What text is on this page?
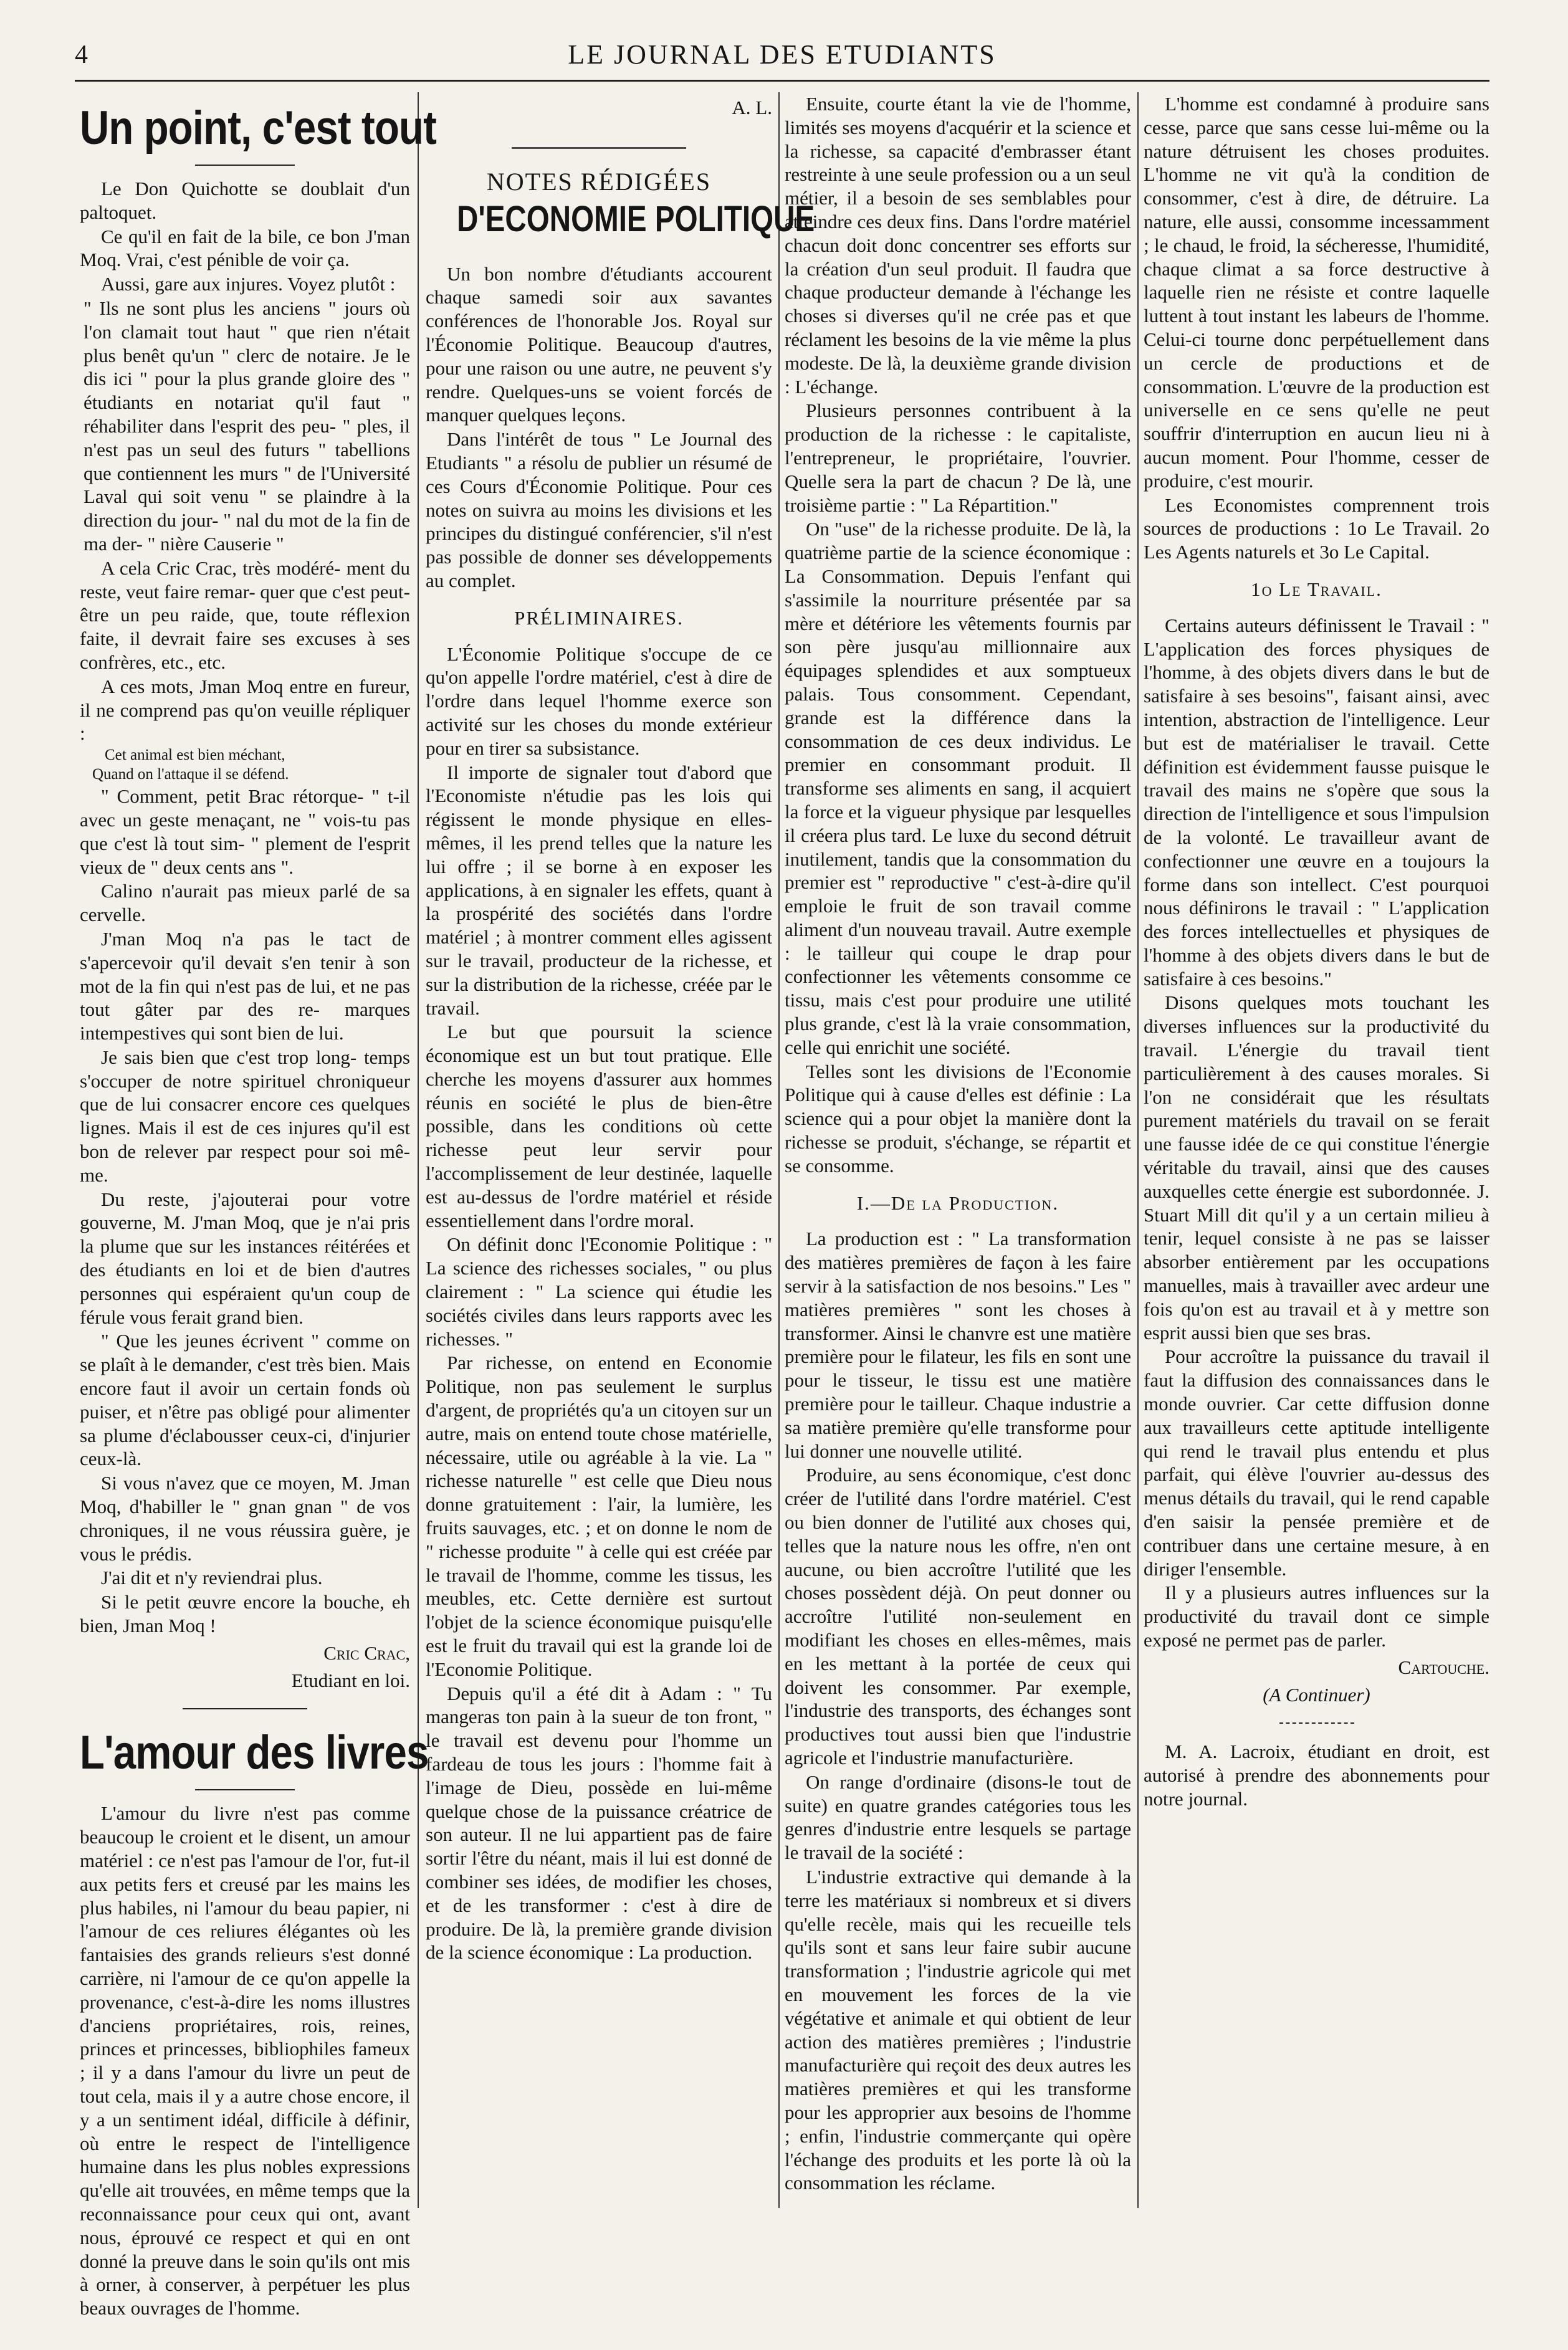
4	LE JOURNAL DES ETUDIANTS
Un point, c'est tout

Le Don Quichotte se doublait d'un paltoquet.

Ce qu'il en fait de la bile, ce bon J'man Moq. Vrai, c'est pénible de voir ça.

Aussi, gare aux injures. Voyez plutôt :

" Ils ne sont plus les anciens " jours où l'on clamait tout haut " que rien n'était plus benêt qu'un " clerc de notaire. Je le dis ici " pour la plus grande gloire des " étudiants en notariat qu'il faut " réhabiliter dans l'esprit des peu- " ples, il n'est pas un seul des futurs " tabellions que contiennent les murs " de l'Université Laval qui soit venu " se plaindre à la direction du jour- " nal du mot de la fin de ma der- " nière Causerie "

A cela Cric Crac, très modéré- ment du reste, veut faire remar- quer que c'est peut-être un peu raide, que, toute réflexion faite, il devrait faire ses excuses à ses confrères, etc., etc.

A ces mots, Jman Moq entre en fureur, il ne comprend pas qu'on veuille répliquer :

Cet animal est bien méchant,

Quand on l'attaque il se défend.

" Comment, petit Brac rétorque- " t-il avec un geste menaçant, ne " vois-tu pas que c'est là tout sim- " plement de l'esprit vieux de " deux cents ans ".

Calino n'aurait pas mieux parlé de sa cervelle.

J'man Moq n'a pas le tact de s'apercevoir qu'il devait s'en tenir à son mot de la fin qui n'est pas de lui, et ne pas tout gâter par des re- marques intempestives qui sont bien de lui.

Je sais bien que c'est trop long- temps s'occuper de notre spirituel chroniqueur que de lui consacrer encore ces quelques lignes. Mais il est de ces injures qu'il est bon de relever par respect pour soi mê- me.

Du reste, j'ajouterai pour votre gouverne, M. J'man Moq, que je n'ai pris la plume que sur les instances réitérées et des étudiants en loi et de bien d'autres personnes qui espéraient qu'un coup de férule vous ferait grand bien.

" Que les jeunes écrivent " comme on se plaît à le demander, c'est très bien. Mais encore faut il avoir un certain fonds où puiser, et n'être pas obligé pour alimenter sa plume d'éclabousser ceux-ci, d'injurier ceux-là.

Si vous n'avez que ce moyen, M. Jman Moq, d'habiller le " gnan gnan " de vos chroniques, il ne vous réussira guère, je vous le prédis.

J'ai dit et n'y reviendrai plus.

Si le petit œuvre encore la bouche, eh bien, Jman Moq !

Cric Crac,

Etudiant en loi.

L'amour des livres

L'amour du livre n'est pas comme beaucoup le croient et le disent, un amour matériel : ce n'est pas l'amour de l'or, fut-il aux petits fers et creusé par les mains les plus habiles, ni l'amour du beau papier, ni l'amour de ces reliures élégantes où les fantaisies des grands relieurs s'est donné carrière, ni l'amour de ce qu'on appelle la provenance, c'est-à-dire les noms illustres d'anciens propriétaires, rois, reines, princes et princesses, bibliophiles fameux ; il y a dans l'amour du livre un peut de tout cela, mais il y a autre chose encore, il y a un sentiment idéal, difficile à définir, où entre le respect de l'intelligence humaine dans les plus nobles expressions qu'elle ait trouvées, en même temps que la reconnaissance pour ceux qui ont, avant nous, éprouvé ce respect et qui en ont donné la preuve dans le soin qu'ils ont mis à orner, à conserver, à perpétuer les plus beaux ouvrages de l'homme.

A. L.

NOTES RÉDIGÉES
D'ECONOMIE POLITIQUE

Un bon nombre d'étudiants accourent chaque samedi soir aux savantes conférences de l'honorable Jos. Royal sur l'Économie Politique. Beaucoup d'autres, pour une raison ou une autre, ne peuvent s'y rendre. Quelques-uns se voient forcés de manquer quelques leçons.

Dans l'intérêt de tous " Le Journal des Etudiants " a résolu de publier un résumé de ces Cours d'Économie Politique. Pour ces notes on suivra au moins les divisions et les principes du distingué conférencier, s'il n'est pas possible de donner ses développements au complet.

PRÉLIMINAIRES.

L'Économie Politique s'occupe de ce qu'on appelle l'ordre matériel, c'est à dire de l'ordre dans lequel l'homme exerce son activité sur les choses du monde extérieur pour en tirer sa subsistance.

Il importe de signaler tout d'abord que l'Economiste n'étudie pas les lois qui régissent le monde physique en elles-mêmes, il les prend telles que la nature les lui offre ; il se borne à en exposer les applications, à en signaler les effets, quant à la prospérité des sociétés dans l'ordre matériel ; à montrer comment elles agissent sur le travail, producteur de la richesse, et sur la distribution de la richesse, créée par le travail.

Le but que poursuit la science économique est un but tout pratique. Elle cherche les moyens d'assurer aux hommes réunis en société le plus de bien-être possible, dans les conditions où cette richesse peut leur servir pour l'accomplissement de leur destinée, laquelle est au-dessus de l'ordre matériel et réside essentiellement dans l'ordre moral.

On définit donc l'Economie Politique : " La science des richesses sociales, " ou plus clairement : " La science qui étudie les sociétés civiles dans leurs rapports avec les richesses. "

Par richesse, on entend en Economie Politique, non pas seulement le surplus d'argent, de propriétés qu'a un citoyen sur un autre, mais on entend toute chose matérielle, nécessaire, utile ou agréable à la vie. La " richesse naturelle " est celle que Dieu nous donne gratuitement : l'air, la lumière, les fruits sauvages, etc. ; et on donne le nom de " richesse produite " à celle qui est créée par le travail de l'homme, comme les tissus, les meubles, etc. Cette dernière est surtout l'objet de la science économique puisqu'elle est le fruit du travail qui est la grande loi de l'Economie Politique.

Depuis qu'il a été dit à Adam : " Tu mangeras ton pain à la sueur de ton front, " le travail est devenu pour l'homme un fardeau de tous les jours : l'homme fait à l'image de Dieu, possède en lui-même quelque chose de la puissance créatrice de son auteur. Il ne lui appartient pas de faire sortir l'être du néant, mais il lui est donné de combiner ses idées, de modifier les choses, et de les transformer : c'est à dire de produire. De là, la première grande division de la science économique : La production.

Ensuite, courte étant la vie de l'homme, limités ses moyens d'acquérir et la science et la richesse, sa capacité d'embrasser étant restreinte à une seule profession ou a un seul métier, il a besoin de ses semblables pour atteindre ces deux fins. Dans l'ordre matériel chacun doit donc concentrer ses efforts sur la création d'un seul produit. Il faudra que chaque producteur demande à l'échange les choses si diverses qu'il ne crée pas et que réclament les besoins de la vie même la plus modeste. De là, la deuxième grande division : L'échange.

Plusieurs personnes contribuent à la production de la richesse : le capitaliste, l'entrepreneur, le propriétaire, l'ouvrier. Quelle sera la part de chacun ? De là, une troisième partie : " La Répartition."

On "use" de la richesse produite. De là, la quatrième partie de la science économique : La Consommation. Depuis l'enfant qui s'assimile la nourriture présentée par sa mère et détériore les vêtements fournis par son père jusqu'au millionnaire aux équipages splendides et aux somptueux palais. Tous consomment. Cependant, grande est la différence dans la consommation de ces deux individus. Le premier en consommant produit. Il transforme ses aliments en sang, il acquiert la force et la vigueur physique par lesquelles il créera plus tard. Le luxe du second détruit inutilement, tandis que la consommation du premier est " reproductive " c'est-à-dire qu'il emploie le fruit de son travail comme aliment d'un nouveau travail. Autre exemple : le tailleur qui coupe le drap pour confectionner les vêtements consomme ce tissu, mais c'est pour produire une utilité plus grande, c'est là la vraie consommation, celle qui enrichit une société.

Telles sont les divisions de l'Economie Politique qui à cause d'elles est définie : La science qui a pour objet la manière dont la richesse se produit, s'échange, se répartit et se consomme.

I.—De la Production.

La production est : " La transformation des matières premières de façon à les faire servir à la satisfaction de nos besoins." Les " matières premières " sont les choses à transformer. Ainsi le chanvre est une matière première pour le filateur, les fils en sont une pour le tisseur, le tissu est une matière première pour le tailleur. Chaque industrie a sa matière première qu'elle transforme pour lui donner une nouvelle utilité.

Produire, au sens économique, c'est donc créer de l'utilité dans l'ordre matériel. C'est ou bien donner de l'utilité aux choses qui, telles que la nature nous les offre, n'en ont aucune, ou bien accroître l'utilité que les choses possèdent déjà. On peut donner ou accroître l'utilité non-seulement en modifiant les choses en elles-mêmes, mais en les mettant à la portée de ceux qui doivent les consommer. Par exemple, l'industrie des transports, des échanges sont productives tout aussi bien que l'industrie agricole et l'industrie manufacturière.

On range d'ordinaire (disons-le tout de suite) en quatre grandes catégories tous les genres d'industrie entre lesquels se partage le travail de la société :

L'industrie extractive qui demande à la terre les matériaux si nombreux et si divers qu'elle recèle, mais qui les recueille tels qu'ils sont et sans leur faire subir aucune transformation ; l'industrie agricole qui met en mouvement les forces de la vie végétative et animale et qui obtient de leur action des matières premières ; l'industrie manufacturière qui reçoit des deux autres les matières premières et qui les transforme pour les approprier aux besoins de l'homme ; enfin, l'industrie commerçante qui opère l'échange des produits et les porte là où la consommation les réclame.

L'homme est condamné à produire sans cesse, parce que sans cesse lui-même ou la nature détruisent les choses produites. L'homme ne vit qu'à la condition de consommer, c'est à dire, de détruire. La nature, elle aussi, consomme incessamment ; le chaud, le froid, la sécheresse, l'humidité, chaque climat a sa force destructive à laquelle rien ne résiste et contre laquelle luttent à tout instant les labeurs de l'homme. Celui-ci tourne donc perpétuellement dans un cercle de productions et de consommation. L'œuvre de la production est universelle en ce sens qu'elle ne peut souffrir d'interruption en aucun lieu ni à aucun moment. Pour l'homme, cesser de produire, c'est mourir.

Les Economistes comprennent trois sources de productions : 1o Le Travail. 2o Les Agents naturels et 3o Le Capital.

1o Le Travail.

Certains auteurs définissent le Travail : " L'application des forces physiques de l'homme, à des objets divers dans le but de satisfaire à ses besoins", faisant ainsi, avec intention, abstraction de l'intelligence. Leur but est de matérialiser le travail. Cette définition est évidemment fausse puisque le travail des mains ne s'opère que sous la direction de l'intelligence et sous l'impulsion de la volonté. Le travailleur avant de confectionner une œuvre en a toujours la forme dans son intellect. C'est pourquoi nous définirons le travail : " L'application des forces intellectuelles et physiques de l'homme à des objets divers dans le but de satisfaire à ces besoins."

Disons quelques mots touchant les diverses influences sur la productivité du travail. L'énergie du travail tient particulièrement à des causes morales. Si l'on ne considérait que les résultats purement matériels du travail on se ferait une fausse idée de ce qui constitue l'énergie véritable du travail, ainsi que des causes auxquelles cette énergie est subordonnée. J. Stuart Mill dit qu'il y a un certain milieu à tenir, lequel consiste à ne pas se laisser absorber entièrement par les occupations manuelles, mais à travailler avec ardeur une fois qu'on est au travail et à y mettre son esprit aussi bien que ses bras.

Pour accroître la puissance du travail il faut la diffusion des connaissances dans le monde ouvrier. Car cette diffusion donne aux travailleurs cette aptitude intelligente qui rend le travail plus entendu et plus parfait, qui élève l'ouvrier au-dessus des menus détails du travail, qui le rend capable d'en saisir la pensée première et de contribuer dans une certaine mesure, à en diriger l'ensemble.

Il y a plusieurs autres influences sur la productivité du travail dont ce simple exposé ne permet pas de parler.

Cartouche.

(A Continuer)

M. A. Lacroix, étudiant en droit, est autorisé à prendre des abonnements pour notre journal.
